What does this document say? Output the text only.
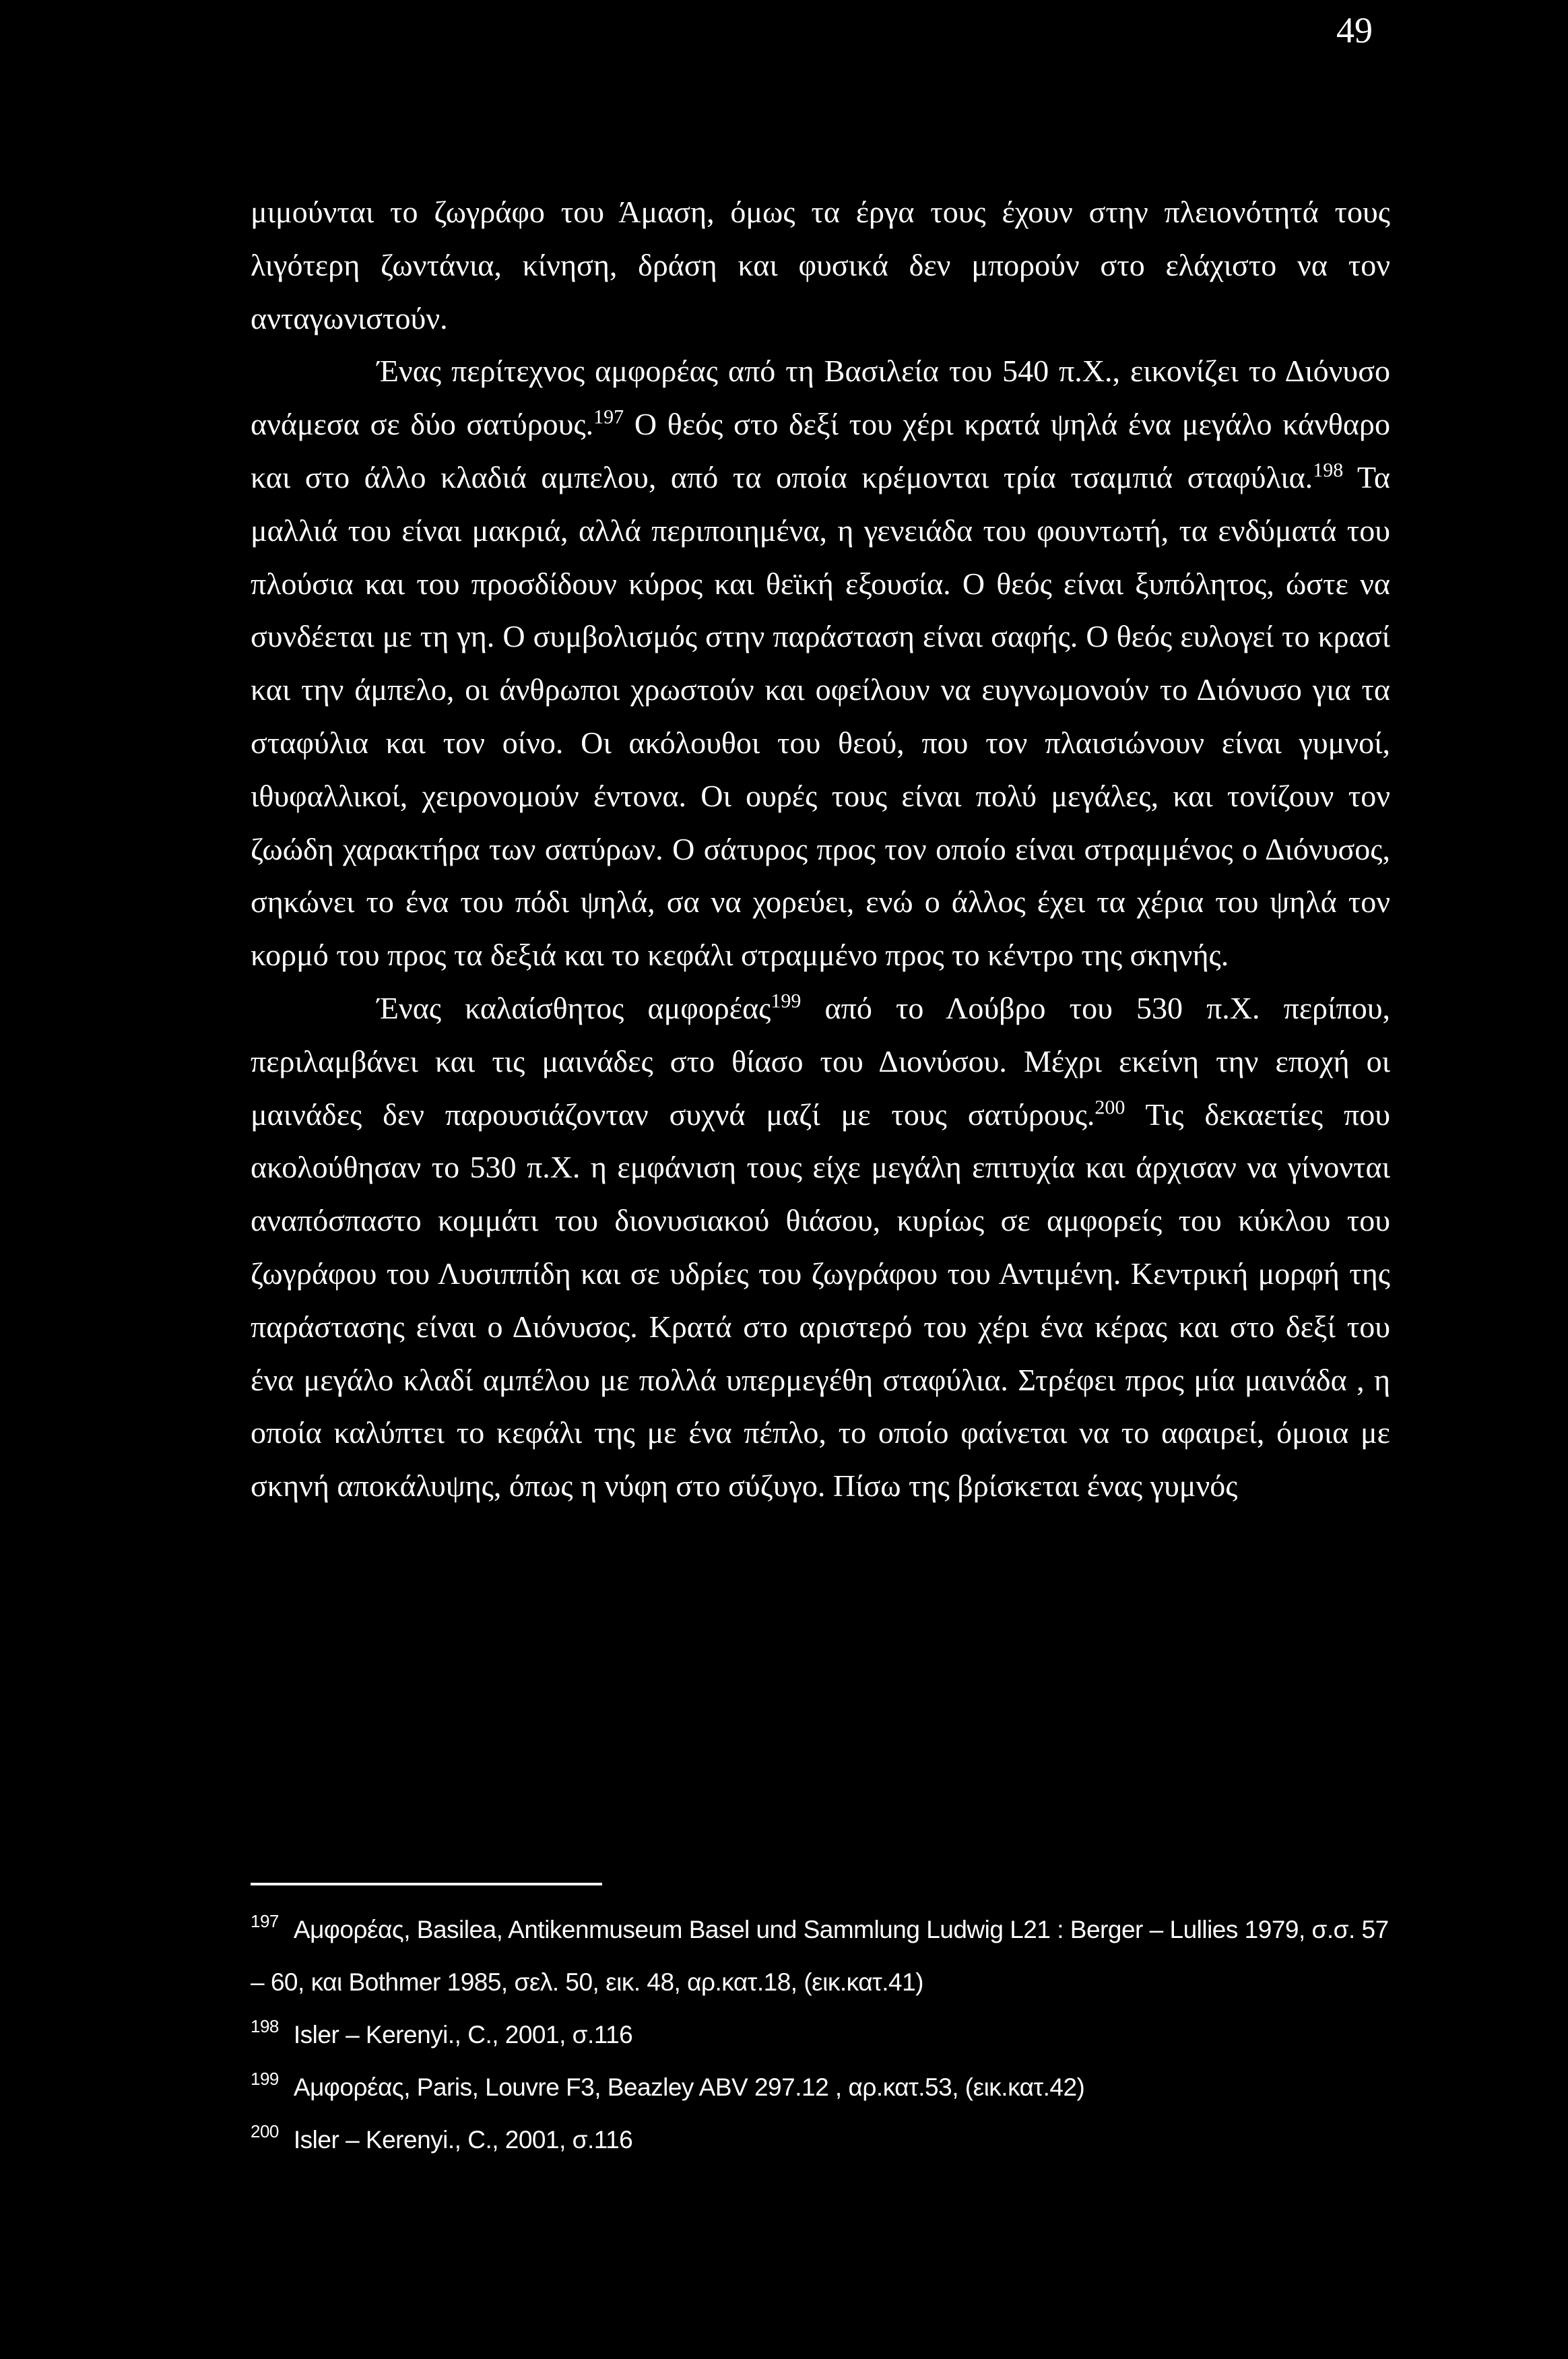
49

μιμούνται το ζωγράφο του Άμαση, όμως τα έργα τους έχουν στην πλειονότητά τους λιγότερη ζωντάνια, κίνηση, δράση και φυσικά δεν μπορούν στο ελάχιστο να τον ανταγωνιστούν.

Ένας περίτεχνος αμφορέας από τη Βασιλεία του 540 π.Χ., εικονίζει το Διόνυσο ανάμεσα σε δύο σατύρους.$^{197}$ Ο θεός στο δεξί του χέρι κρατά ψηλά ένα μεγάλο κάνθαρο και στο άλλο κλαδιά αμπελου, από τα οποία κρέμονται τρία τσαμπιά σταφύλια.$^{198}$ Τα μαλλιά του είναι μακριά, αλλά περιποιημένα, η γενειάδα του φουντωτή, τα ενδύματά του πλούσια και του προσδίδουν κύρος και θεϊκή εξουσία. Ο θεός είναι ξυπόλητος, ώστε να συνδέεται με τη γη. Ο συμβολισμός στην παράσταση είναι σαφής. Ο θεός ευλογεί το κρασί και την άμπελο, οι άνθρωποι χρωστούν και οφείλουν να ευγνωμονούν το Διόνυσο για τα σταφύλια και τον οίνο. Οι ακόλουθοι του θεού, που τον πλαισιώνουν είναι γυμνοί, ιθυφαλλικοί, χειρονομούν έντονα. Οι ουρές τους είναι πολύ μεγάλες, και τονίζουν τον ζωώδη χαρακτήρα των σατύρων. Ο σάτυρος προς τον οποίο είναι στραμμένος ο Διόνυσος, σηκώνει το ένα του πόδι ψηλά, σα να χορεύει, ενώ ο άλλος έχει τα χέρια του ψηλά τον κορμό του προς τα δεξιά και το κεφάλι στραμμένο προς το κέντρο της σκηνής.

Ένας καλαίσθητος αμφορέας$^{199}$ από το Λούβρο του 530 π.Χ. περίπου, περιλαμβάνει και τις μαινάδες στο θίασο του Διονύσου. Μέχρι εκείνη την εποχή οι μαινάδες δεν παρουσιάζονταν συχνά μαζί με τους σατύρους.$^{200}$ Τις δεκαετίες που ακολούθησαν το 530 π.Χ. η εμφάνιση τους είχε μεγάλη επιτυχία και άρχισαν να γίνονται αναπόσπαστο κομμάτι του διονυσιακού θιάσου, κυρίως σε αμφορείς του κύκλου του ζωγράφου του Λυσιππίδη και σε υδρίες του ζωγράφου του Αντιμένη. Κεντρική μορφή της παράστασης είναι ο Διόνυσος. Κρατά στο αριστερό του χέρι ένα κέρας και στο δεξί του ένα μεγάλο κλαδί αμπέλου με πολλά υπερμεγέθη σταφύλια. Στρέφει προς μία μαινάδα , η οποία καλύπτει το κεφάλι της με ένα πέπλο, το οποίο φαίνεται να το αφαιρεί, όμοια με σκηνή αποκάλυψης, όπως η νύφη στο σύζυγο. Πίσω της βρίσκεται ένας γυμνός

$^{197}$ Αμφορέας, Basilea, Antikenmuseum Basel und Sammlung Ludwig L21 : Berger – Lullies 1979, σ.σ. 57 – 60, και Bothmer 1985, σελ. 50, εικ. 48, αρ.κατ.18, (εικ.κατ.41)

$^{198}$ Isler – Kerenyi., C., 2001, σ.116

$^{199}$ Αμφορέας, Paris, Louvre F3, Beazley ABV 297.12 , αρ.κατ.53, (εικ.κατ.42)

$^{200}$ Isler – Kerenyi., C., 2001, σ.116
